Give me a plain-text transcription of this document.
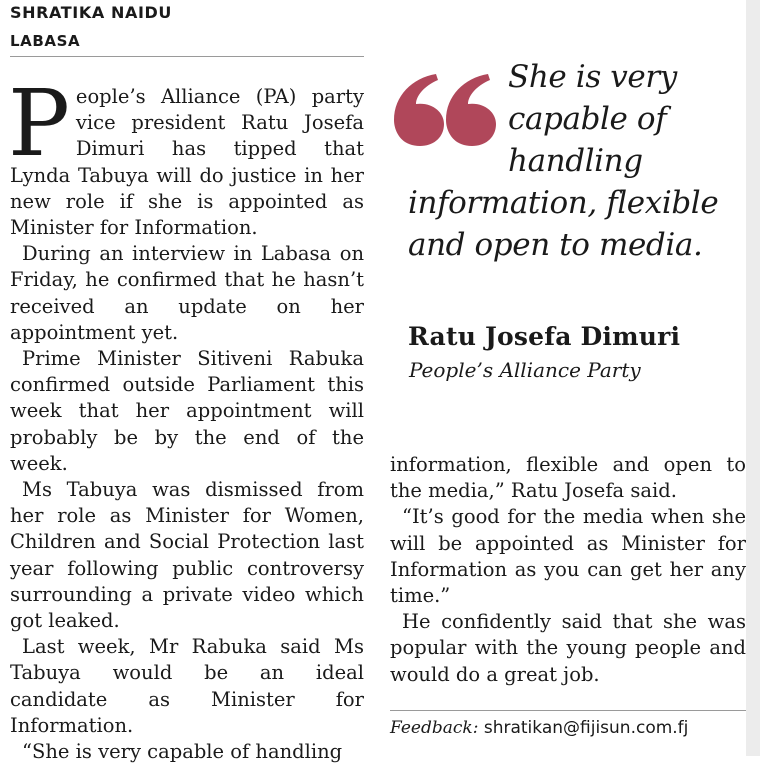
SHRATIKA NAIDU
LABASA

People’s Alliance (PA) party vice president Ratu Josefa Dimuri has tipped that Lynda Tabuya will do justice in her new role if she is appointed as Minister for Information.

During an interview in Labasa on Friday, he confirmed that he hasn’t received an update on her appointment yet.

Prime Minister Sitiveni Rabuka confirmed outside Parliament this week that her appointment will probably be by the end of the week.

Ms Tabuya was dismissed from her role as Minister for Women, Children and Social Protection last year following public controversy surrounding a private video which got leaked.

Last week, Mr Rabuka said Ms Tabuya would be an ideal candidate as Minister for Information.

“She is very capable of handling

She is very
capable of
handling
information, flexible
and open to media.
Ratu Josefa Dimuri
People’s Alliance Party

information, flexible and open to the media,” Ratu Josefa said.

“It’s good for the media when she will be appointed as Minister for Information as you can get her any time.”

He confidently said that she was popular with the young people and would do a great job.

Feedback: shratikan@fijisun.com.fj
